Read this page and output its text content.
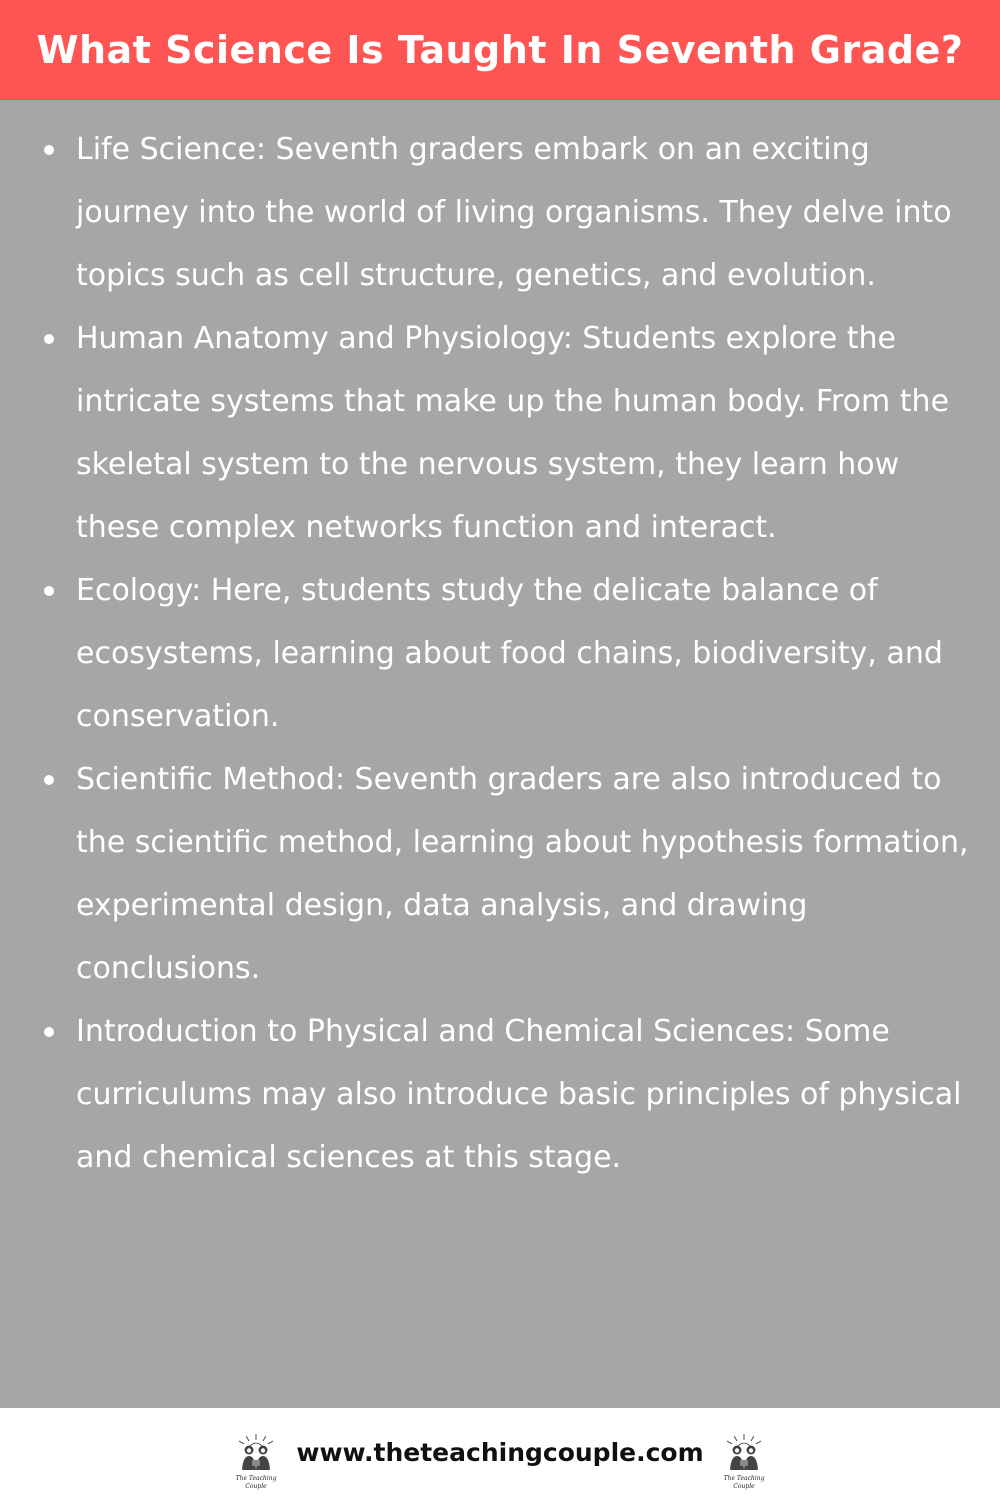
What Science Is Taught In Seventh Grade?
Life Science: Seventh graders embark on an exciting journey into the world of living organisms. They delve into topics such as cell structure, genetics, and evolution.
Human Anatomy and Physiology: Students explore the intricate systems that make up the human body. From the skeletal system to the nervous system, they learn how these complex networks function and interact.
Ecology: Here, students study the delicate balance of ecosystems, learning about food chains, biodiversity, and conservation.
Scientific Method: Seventh graders are also introduced to the scientific method, learning about hypothesis formation, experimental design, data analysis, and drawing conclusions.
Introduction to Physical and Chemical Sciences: Some curriculums may also introduce basic principles of physical and chemical sciences at this stage.
The Teaching Couple
www.theteachingcouple.com
The Teaching Couple
